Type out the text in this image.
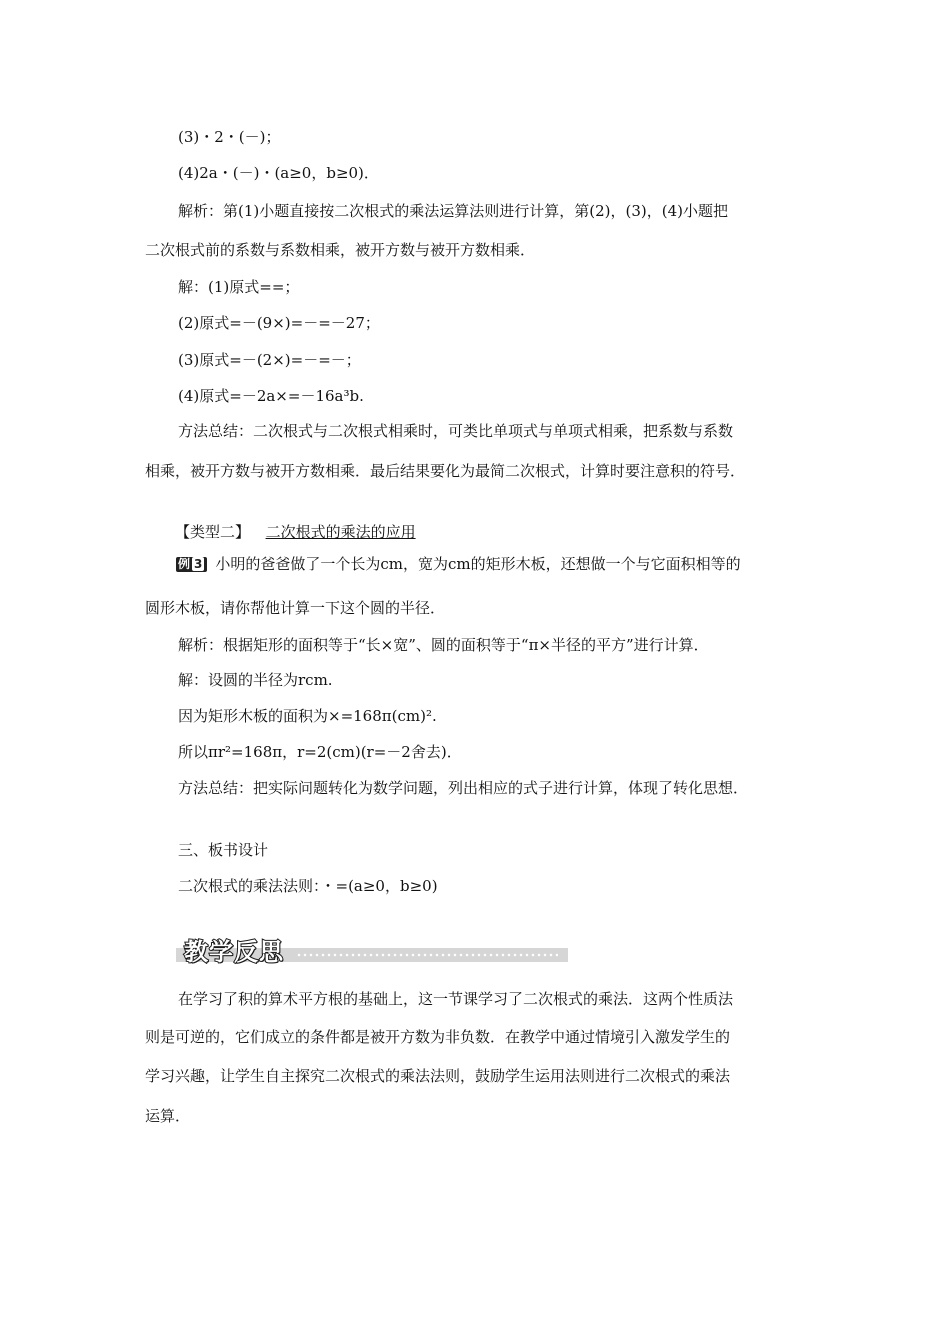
(3)・2・(－)；
(4)2a・(－)・(a≥0，b≥0)．
解析：第(1)小题直接按二次根式的乘法运算法则进行计算，第(2)，(3)，(4)小题把
二次根式前的系数与系数相乘，被开方数与被开方数相乘．
解：(1)原式==；
(2)原式=－(9×)=－=－27；
(3)原式=－(2×)=－=－；
(4)原式=－2a×=－16a³b.
方法总结：二次根式与二次根式相乘时，可类比单项式与单项式相乘，把系数与系数
相乘，被开方数与被开方数相乘．最后结果要化为最简二次根式，计算时要注意积的符号．
【类型二】 二次根式的乘法的应用
例 3 小明的爸爸做了一个长为cm，宽为cm的矩形木板，还想做一个与它面积相等的
圆形木板，请你帮他计算一下这个圆的半径．
解析：根据矩形的面积等于“长×宽”、圆的面积等于“π×半径的平方”进行计算．
解：设圆的半径为rcm.
因为矩形木板的面积为×=168π(cm)².
所以πr²=168π，r=2(cm)(r=－2舍去)．
方法总结：把实际问题转化为数学问题，列出相应的式子进行计算，体现了转化思想．
三、板书设计
二次根式的乘法法则：・=(a≥0，b≥0)
教学反思
在学习了积的算术平方根的基础上，这一节课学习了二次根式的乘法．这两个性质法
则是可逆的，它们成立的条件都是被开方数为非负数．在教学中通过情境引入激发学生的
学习兴趣，让学生自主探究二次根式的乘法法则，鼓励学生运用法则进行二次根式的乘法
运算．
